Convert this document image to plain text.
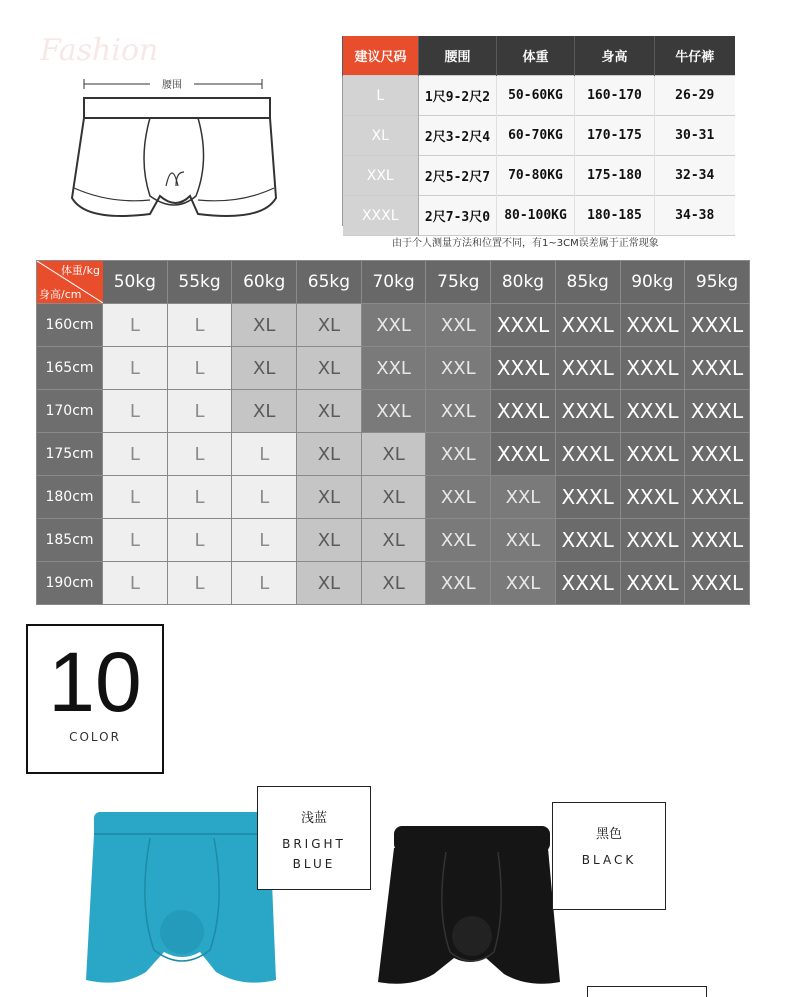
Fashion
腰围
建议尺码	腰围	体重	身高	牛仔裤
L	1尺9-2尺2	50-60KG	160-170	26-29
XL	2尺3-2尺4	60-70KG	170-175	30-31
XXL	2尺5-2尺7	70-80KG	175-180	32-34
XXXL	2尺7-3尺0	80-100KG	180-185	34-38
由于个人测量方法和位置不同，有1~3CM误差属于正常现象
体重/kg
身高/cm	50kg	55kg	60kg	65kg	70kg	75kg	80kg	85kg	90kg	95kg
160cm	L	L	XL	XL	XXL	XXL	XXXL	XXXL	XXXL	XXXL
165cm	L	L	XL	XL	XXL	XXL	XXXL	XXXL	XXXL	XXXL
170cm	L	L	XL	XL	XXL	XXL	XXXL	XXXL	XXXL	XXXL
175cm	L	L	L	XL	XL	XXL	XXXL	XXXL	XXXL	XXXL
180cm	L	L	L	XL	XL	XXL	XXL	XXXL	XXXL	XXXL
185cm	L	L	L	XL	XL	XXL	XXL	XXXL	XXXL	XXXL
190cm	L	L	L	XL	XL	XXL	XXL	XXXL	XXXL	XXXL
10
COLOR
浅蓝
BRIGHT
BLUE
黑色
BLACK
